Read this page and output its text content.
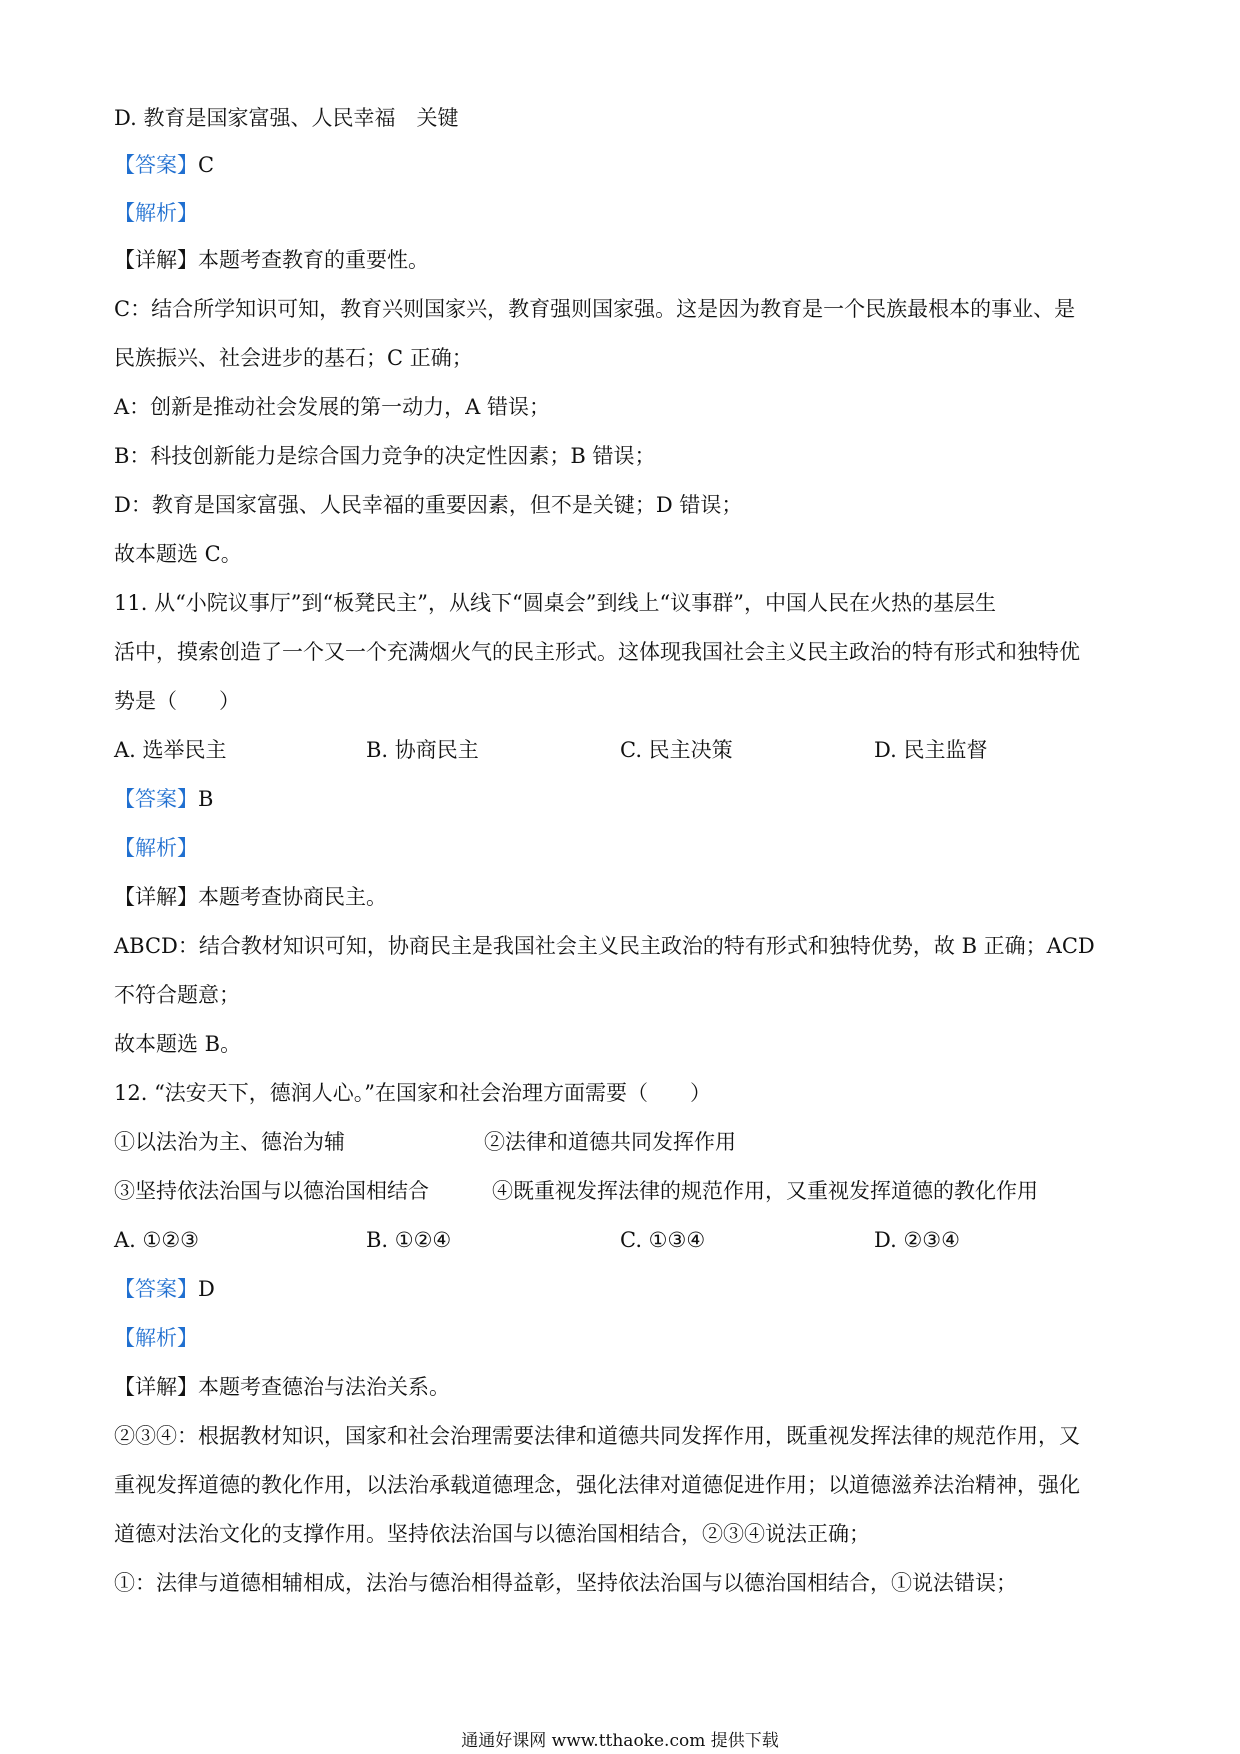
D. 教育是国家富强、人民幸福　关键
【答案】C
【解析】
【详解】本题考查教育的重要性。
C：结合所学知识可知，教育兴则国家兴，教育强则国家强。这是因为教育是一个民族最根本的事业、是
民族振兴、社会进步的基石；C 正确；
A：创新是推动社会发展的第一动力，A 错误；
B：科技创新能力是综合国力竞争的决定性因素；B 错误；
D：教育是国家富强、人民幸福的重要因素，但不是关键；D 错误；
故本题选 C。
11. 从“小院议事厅”到“板凳民主”，从线下“圆桌会”到线上“议事群”，中国人民在火热的基层生
活中，摸索创造了一个又一个充满烟火气的民主形式。这体现我国社会主义民主政治的特有形式和独特优
势是（　　）
A. 选举民主	B. 协商民主	C. 民主决策	D. 民主监督
【答案】B
【解析】
【详解】本题考查协商民主。
ABCD：结合教材知识可知，协商民主是我国社会主义民主政治的特有形式和独特优势，故 B 正确；ACD
不符合题意；
故本题选 B。
12. “法安天下，德润人心。”在国家和社会治理方面需要（　　）
①以法治为主、德治为辅	②法律和道德共同发挥作用
③坚持依法治国与以德治国相结合	④既重视发挥法律的规范作用，又重视发挥道德的教化作用
A. ①②③	B. ①②④	C. ①③④	D. ②③④
【答案】D
【解析】
【详解】本题考查德治与法治关系。
②③④：根据教材知识，国家和社会治理需要法律和道德共同发挥作用，既重视发挥法律的规范作用，又
重视发挥道德的教化作用，以法治承载道德理念，强化法律对道德促进作用；以道德滋养法治精神，强化
道德对法治文化的支撑作用。坚持依法治国与以德治国相结合，②③④说法正确；
①：法律与道德相辅相成，法治与德治相得益彰，坚持依法治国与以德治国相结合，①说法错误；
通通好课网 www.tthaoke.com 提供下载
